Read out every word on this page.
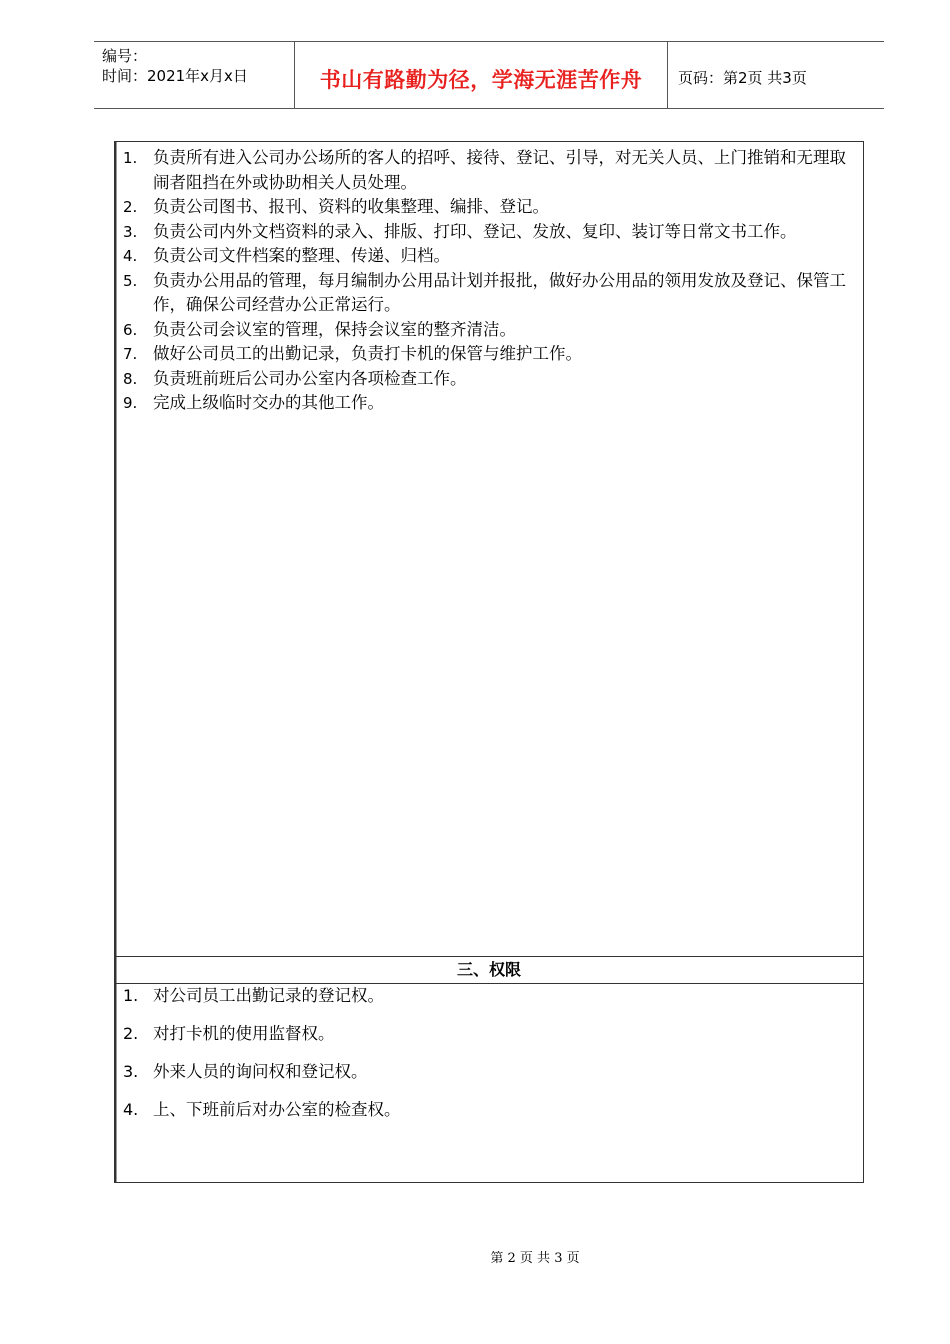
编号：
时间：2021年x月x日	书山有路勤为径，学海无涯苦作舟	页码：第2页 共3页
1. 负责所有进入公司办公场所的客人的招呼、接待、登记、引导，对无关人员、上门推销和无理取闹者阻挡在外或协助相关人员处理。
2. 负责公司图书、报刊、资料的收集整理、编排、登记。
3. 负责公司内外文档资料的录入、排版、打印、登记、发放、复印、装订等日常文书工作。
4. 负责公司文件档案的整理、传递、归档。
5. 负责办公用品的管理，每月编制办公用品计划并报批，做好办公用品的领用发放及登记、保管工作，确保公司经营办公正常运行。
6. 负责公司会议室的管理，保持会议室的整齐清洁。
7. 做好公司员工的出勤记录，负责打卡机的保管与维护工作。
8. 负责班前班后公司办公室内各项检查工作。
9. 完成上级临时交办的其他工作。
三、权限
1. 对公司员工出勤记录的登记权。
2. 对打卡机的使用监督权。
3. 外来人员的询问权和登记权。
4. 上、下班前后对办公室的检查权。
第 2 页 共 3 页
